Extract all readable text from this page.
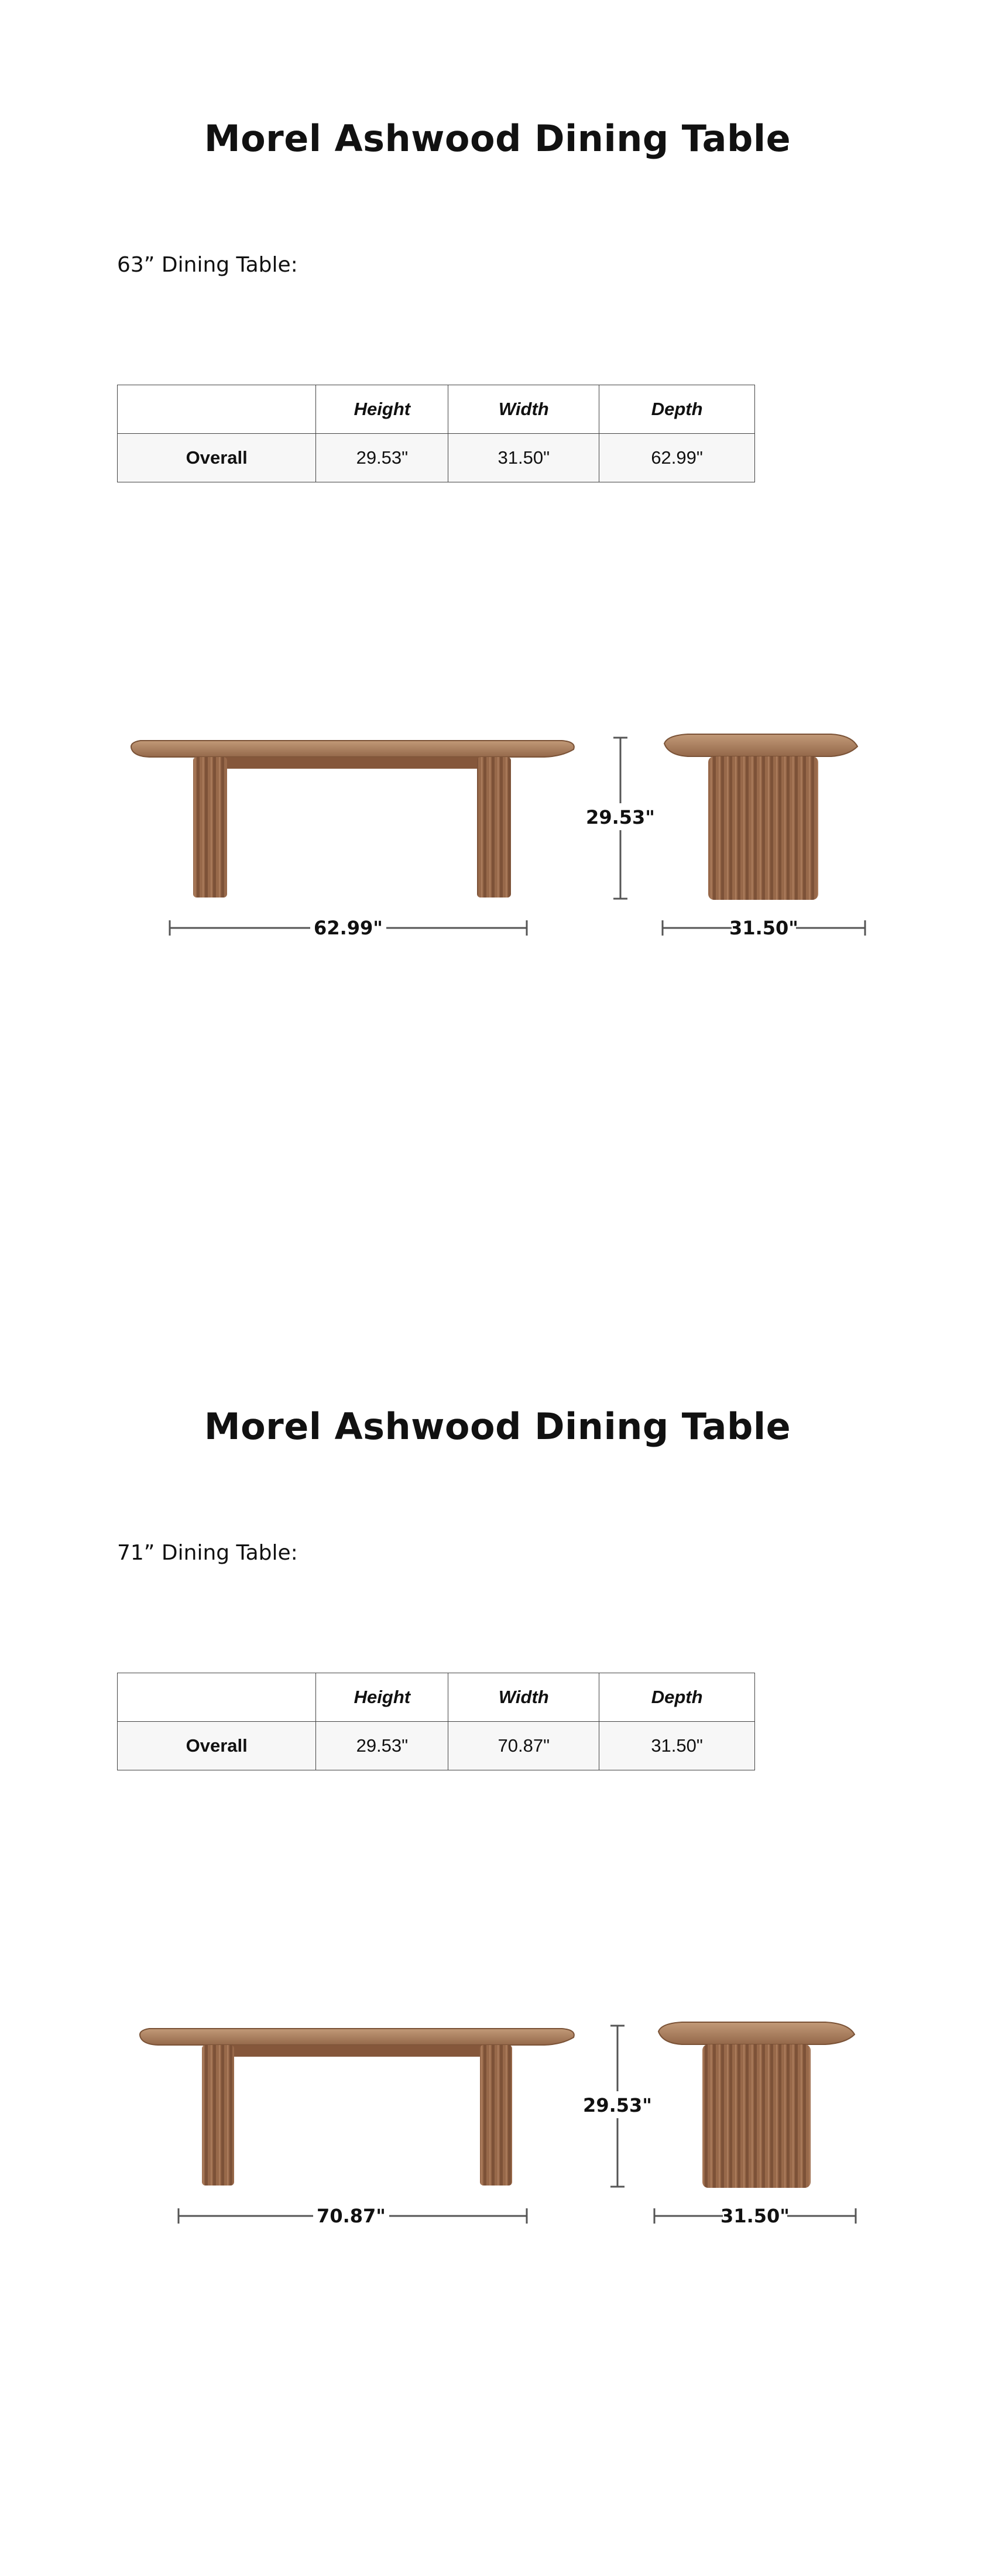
Morel Ashwood Dining Table

63” Dining Table:

	Height	Width	Depth
Overall	29.53"	31.50"	62.99"
29.53"
62.99"	31.50"
Morel Ashwood Dining Table

71” Dining Table:

	Height	Width	Depth
Overall	29.53"	70.87"	31.50"
29.53"
70.87"	31.50"
